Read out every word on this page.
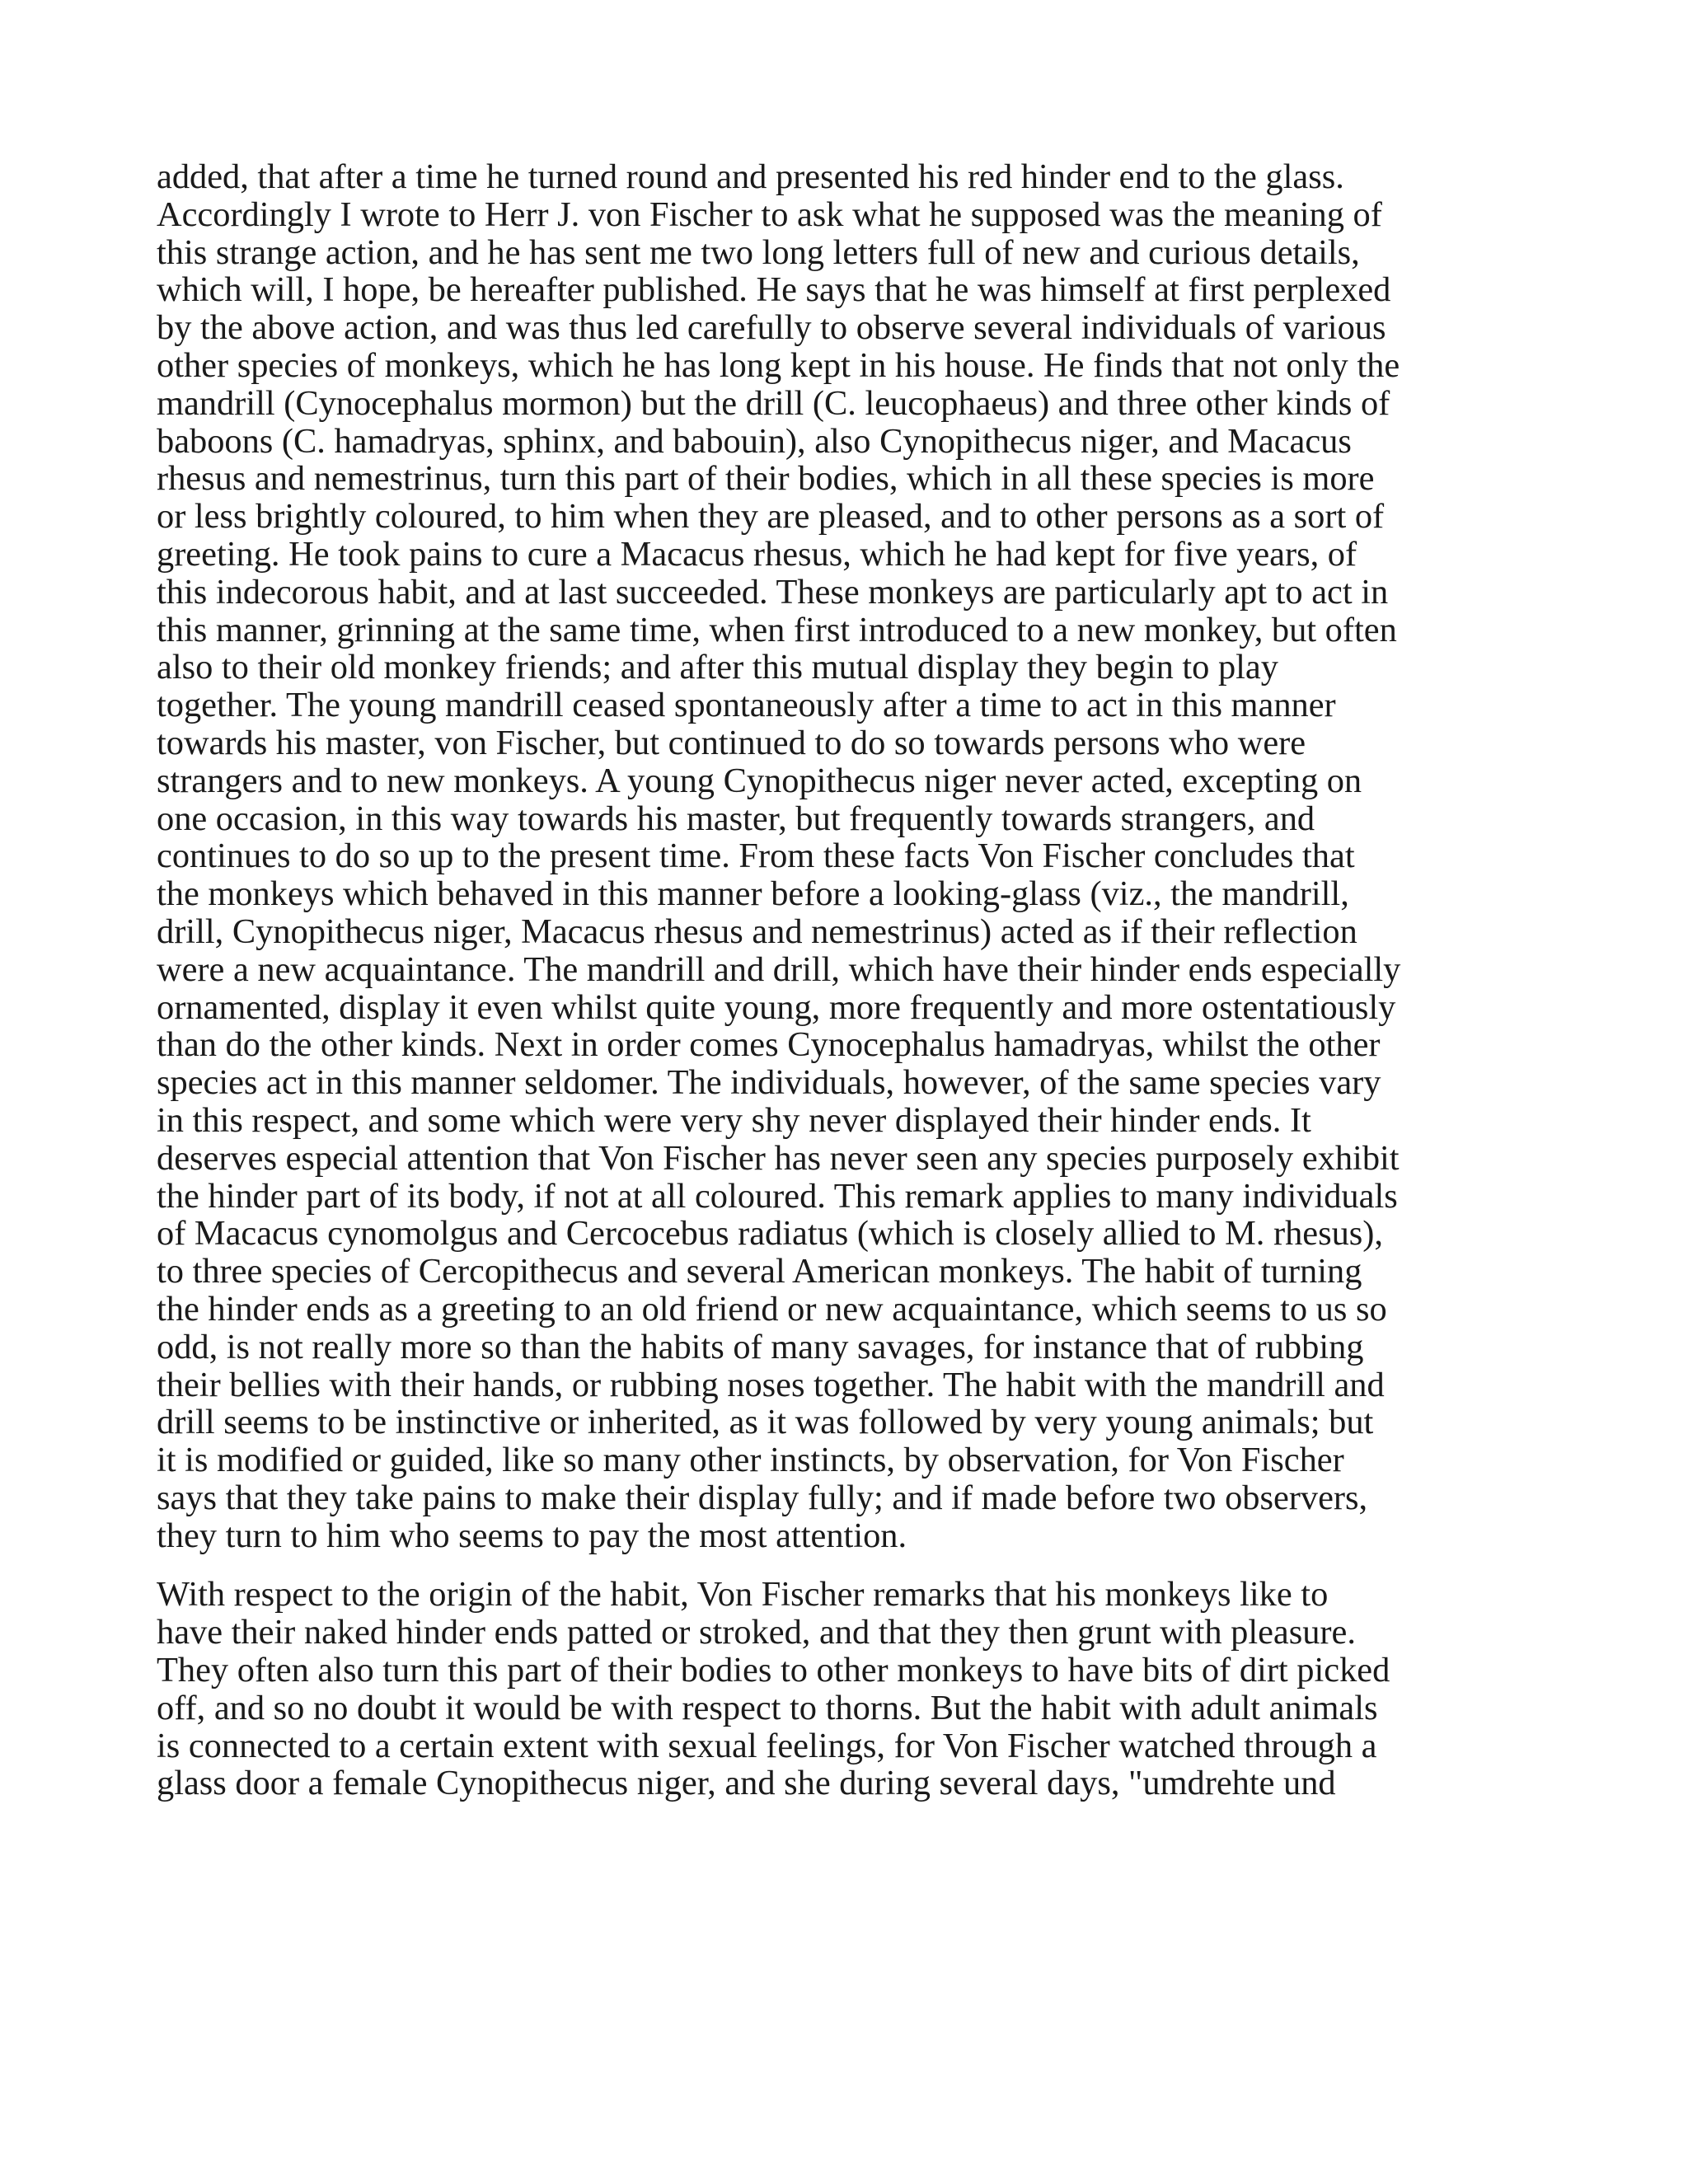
added, that after a time he turned round and presented his red hinder end to the glass.
Accordingly I wrote to Herr J. von Fischer to ask what he supposed was the meaning of
this strange action, and he has sent me two long letters full of new and curious details,
which will, I hope, be hereafter published. He says that he was himself at first perplexed
by the above action, and was thus led carefully to observe several individuals of various
other species of monkeys, which he has long kept in his house. He finds that not only the
mandrill (Cynocephalus mormon) but the drill (C. leucophaeus) and three other kinds of
baboons (C. hamadryas, sphinx, and babouin), also Cynopithecus niger, and Macacus
rhesus and nemestrinus, turn this part of their bodies, which in all these species is more
or less brightly coloured, to him when they are pleased, and to other persons as a sort of
greeting. He took pains to cure a Macacus rhesus, which he had kept for five years, of
this indecorous habit, and at last succeeded. These monkeys are particularly apt to act in
this manner, grinning at the same time, when first introduced to a new monkey, but often
also to their old monkey friends; and after this mutual display they begin to play
together. The young mandrill ceased spontaneously after a time to act in this manner
towards his master, von Fischer, but continued to do so towards persons who were
strangers and to new monkeys. A young Cynopithecus niger never acted, excepting on
one occasion, in this way towards his master, but frequently towards strangers, and
continues to do so up to the present time. From these facts Von Fischer concludes that
the monkeys which behaved in this manner before a looking-glass (viz., the mandrill,
drill, Cynopithecus niger, Macacus rhesus and nemestrinus) acted as if their reflection
were a new acquaintance. The mandrill and drill, which have their hinder ends especially
ornamented, display it even whilst quite young, more frequently and more ostentatiously
than do the other kinds. Next in order comes Cynocephalus hamadryas, whilst the other
species act in this manner seldomer. The individuals, however, of the same species vary
in this respect, and some which were very shy never displayed their hinder ends. It
deserves especial attention that Von Fischer has never seen any species purposely exhibit
the hinder part of its body, if not at all coloured. This remark applies to many individuals
of Macacus cynomolgus and Cercocebus radiatus (which is closely allied to M. rhesus),
to three species of Cercopithecus and several American monkeys. The habit of turning
the hinder ends as a greeting to an old friend or new acquaintance, which seems to us so
odd, is not really more so than the habits of many savages, for instance that of rubbing
their bellies with their hands, or rubbing noses together. The habit with the mandrill and
drill seems to be instinctive or inherited, as it was followed by very young animals; but
it is modified or guided, like so many other instincts, by observation, for Von Fischer
says that they take pains to make their display fully; and if made before two observers,
they turn to him who seems to pay the most attention.
With respect to the origin of the habit, Von Fischer remarks that his monkeys like to
have their naked hinder ends patted or stroked, and that they then grunt with pleasure.
They often also turn this part of their bodies to other monkeys to have bits of dirt picked
off, and so no doubt it would be with respect to thorns. But the habit with adult animals
is connected to a certain extent with sexual feelings, for Von Fischer watched through a
glass door a female Cynopithecus niger, and she during several days, "umdrehte und
